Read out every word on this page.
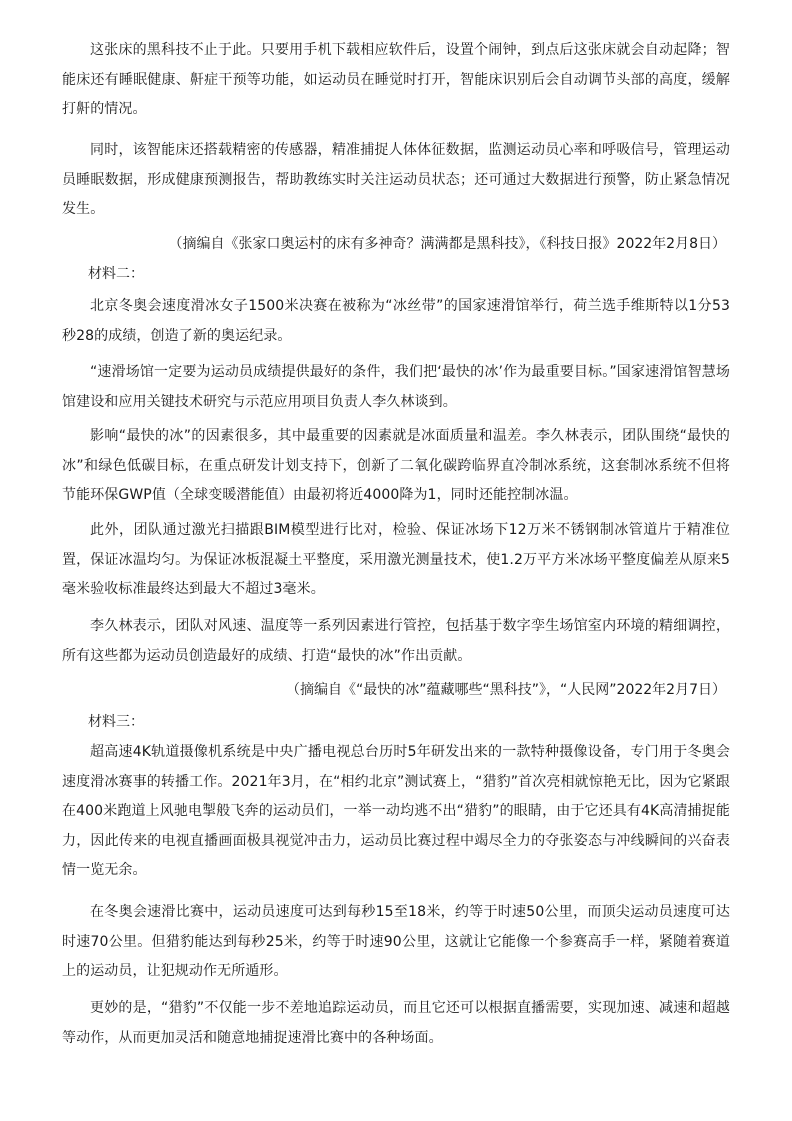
这张床的黑科技不止于此。只要用手机下载相应软件后，设置个闹钟，到点后这张床就会自动起降；智能床还有睡眠健康、鼾症干预等功能，如运动员在睡觉时打开，智能床识别后会自动调节头部的高度，缓解打鼾的情况。

同时，该智能床还搭载精密的传感器，精准捕捉人体体征数据，监测运动员心率和呼吸信号，管理运动员睡眠数据，形成健康预测报告，帮助教练实时关注运动员状态；还可通过大数据进行预警，防止紧急情况发生。

（摘编自《张家口奥运村的床有多神奇？满满都是黑科技》，《科技日报》2022年2月8日）

材料二：

北京冬奥会速度滑冰女子1500米决赛在被称为“冰丝带”的国家速滑馆举行，荷兰选手维斯特以1分53秒28的成绩，创造了新的奥运纪录。

“速滑场馆一定要为运动员成绩提供最好的条件，我们把‘最快的冰’作为最重要目标。”国家速滑馆智慧场馆建设和应用关键技术研究与示范应用项目负责人李久林谈到。

影响“最快的冰”的因素很多，其中最重要的因素就是冰面质量和温差。李久林表示，团队围绕“最快的冰”和绿色低碳目标，在重点研发计划支持下，创新了二氧化碳跨临界直冷制冰系统，这套制冰系统不但将节能环保GWP值（全球变暖潜能值）由最初将近4000降为1，同时还能控制冰温。

此外，团队通过激光扫描跟BIM模型进行比对，检验、保证冰场下12万米不锈钢制冰管道片于精准位置，保证冰温均匀。为保证冰板混凝土平整度，采用激光测量技术，使1.2万平方米冰场平整度偏差从原来5毫米验收标准最终达到最大不超过3毫米。

李久林表示，团队对风速、温度等一系列因素进行管控，包括基于数字孪生场馆室内环境的精细调控，所有这些都为运动员创造最好的成绩、打造“最快的冰”作出贡献。

（摘编自《“最快的冰”蕴藏哪些“黑科技”》，“人民网”2022年2月7日）

材料三：

超高速4K轨道摄像机系统是中央广播电视总台历时5年研发出来的一款特种摄像设备，专门用于冬奥会速度滑冰赛事的转播工作。2021年3月，在“相约北京”测试赛上，“猎豹”首次亮相就惊艳无比，因为它紧跟在400米跑道上风驰电掣般飞奔的运动员们，一举一动均逃不出“猎豹”的眼睛，由于它还具有4K高清捕捉能力，因此传来的电视直播画面极具视觉冲击力，运动员比赛过程中竭尽全力的夺张姿态与冲线瞬间的兴奋表情一览无余。

在冬奥会速滑比赛中，运动员速度可达到每秒15至18米，约等于时速50公里，而顶尖运动员速度可达时速70公里。但猎豹能达到每秒25米，约等于时速90公里，这就让它能像一个参赛高手一样，紧随着赛道上的运动员，让犯规动作无所遁形。

更妙的是，“猎豹”不仅能一步不差地追踪运动员，而且它还可以根据直播需要，实现加速、减速和超越等动作，从而更加灵活和随意地捕捉速滑比赛中的各种场面。
